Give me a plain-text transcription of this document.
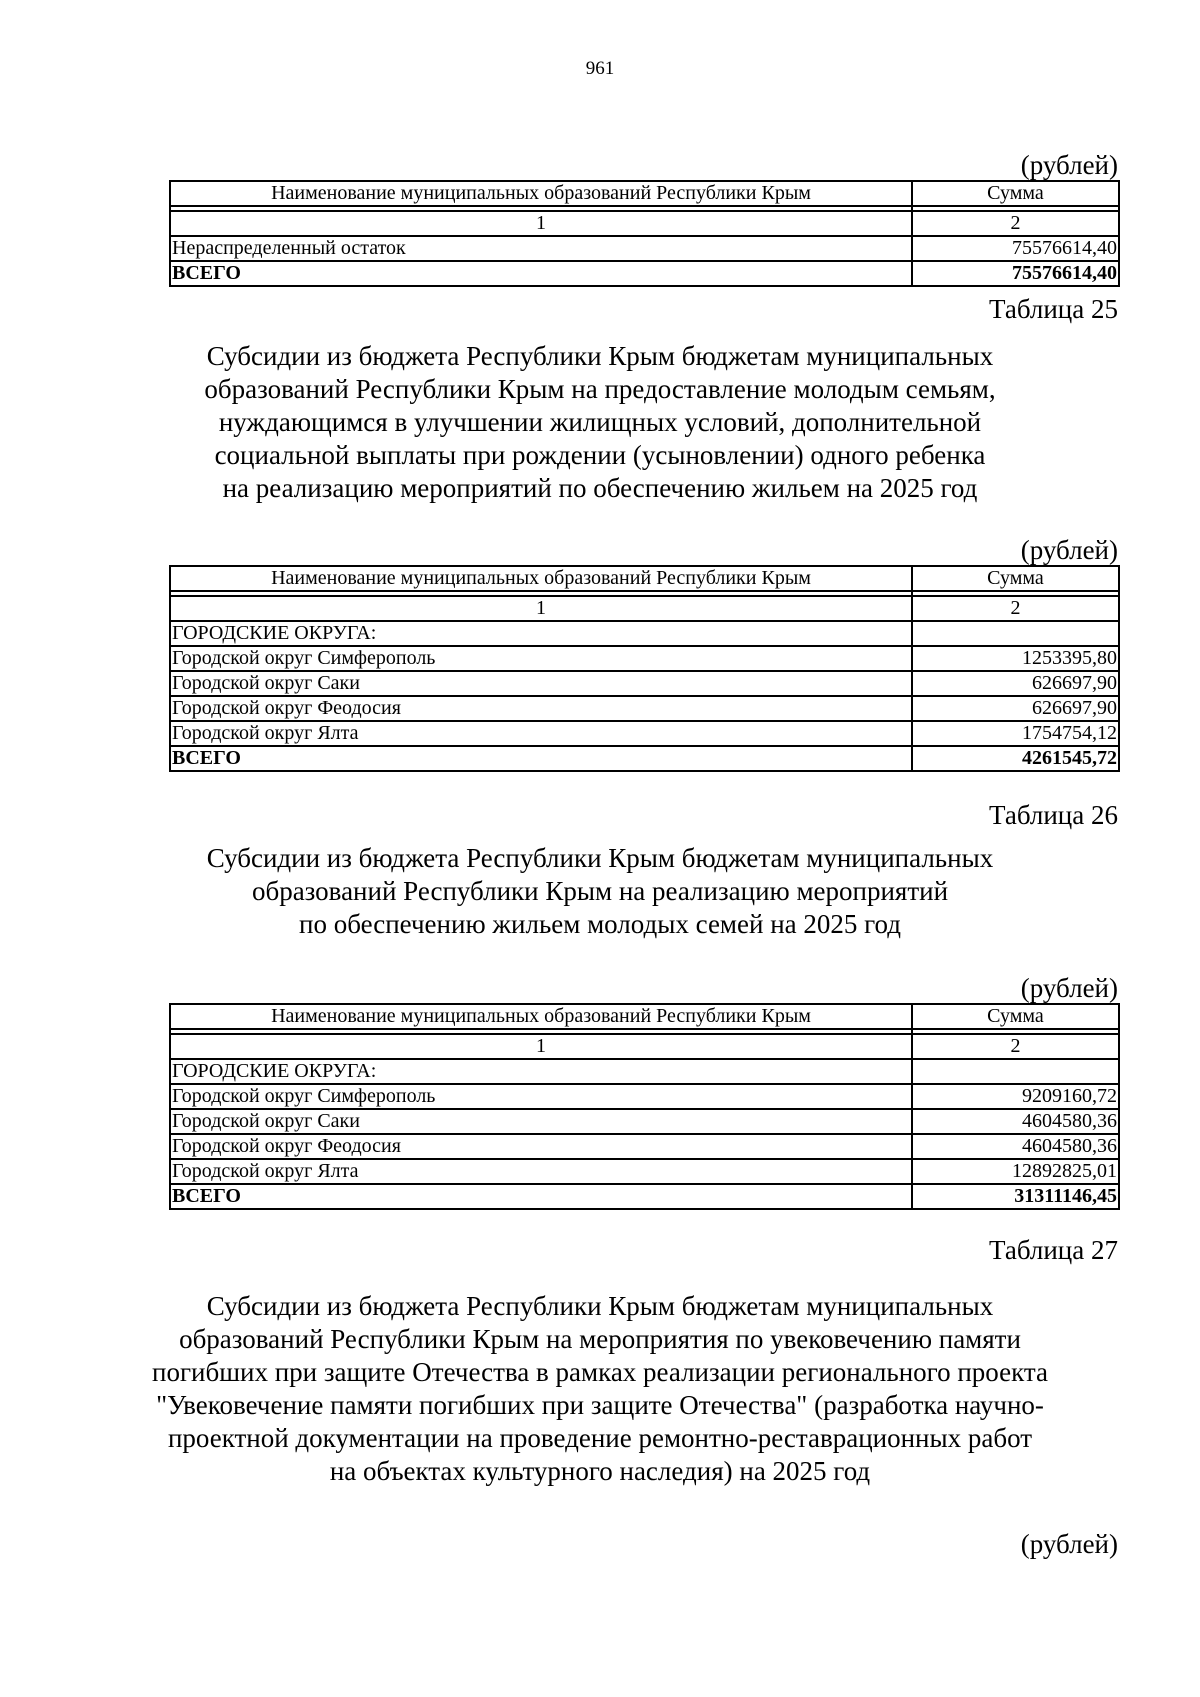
961
(рублей)
Наименование муниципальных образований Республики Крым	Сумма

1	2
Нераспределенный остаток	75576614,40
ВСЕГО	75576614,40
Таблица 25
Субсидии из бюджета Республики Крым бюджетам муниципальных
образований Республики Крым на предоставление молодым семьям,
нуждающимся в улучшении жилищных условий, дополнительной
социальной выплаты при рождении (усыновлении) одного ребенка
на реализацию мероприятий по обеспечению жильем на 2025 год
(рублей)
Наименование муниципальных образований Республики Крым	Сумма

1	2
ГОРОДСКИЕ ОКРУГА:	
Городской округ Симферополь	1253395,80
Городской округ Саки	626697,90
Городской округ Феодосия	626697,90
Городской округ Ялта	1754754,12
ВСЕГО	4261545,72
Таблица 26
Субсидии из бюджета Республики Крым бюджетам муниципальных
образований Республики Крым на реализацию мероприятий
по обеспечению жильем молодых семей на 2025 год
(рублей)
Наименование муниципальных образований Республики Крым	Сумма

1	2
ГОРОДСКИЕ ОКРУГА:	
Городской округ Симферополь	9209160,72
Городской округ Саки	4604580,36
Городской округ Феодосия	4604580,36
Городской округ Ялта	12892825,01
ВСЕГО	31311146,45
Таблица 27
Субсидии из бюджета Республики Крым бюджетам муниципальных
образований Республики Крым на мероприятия по увековечению памяти
погибших при защите Отечества в рамках реализации регионального проекта
"Увековечение памяти погибших при защите Отечества" (разработка научно-
проектной документации на проведение ремонтно-реставрационных работ
на объектах культурного наследия) на 2025 год
(рублей)
